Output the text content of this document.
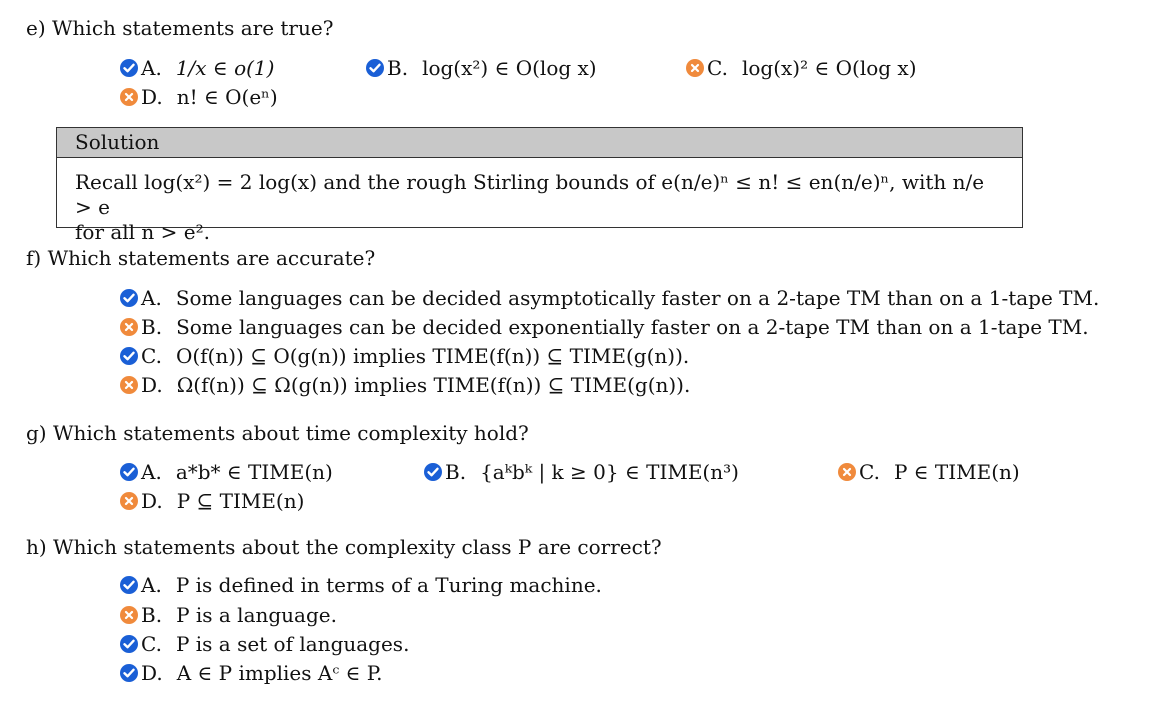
e) Which statements are true?
A. 1/x ∈ o(1)	B. log(x²) ∈ O(log x)	C. log(x)² ∈ O(log x)
D. n! ∈ O(eⁿ)
Solution
Recall log(x²) = 2 log(x) and the rough Stirling bounds of e(n/e)ⁿ ≤ n! ≤ en(n/e)ⁿ, with n/e > e
for all n > e².
f) Which statements are accurate?
A. Some languages can be decided asymptotically faster on a 2-tape TM than on a 1-tape TM.
B. Some languages can be decided exponentially faster on a 2-tape TM than on a 1-tape TM.
C. O(f(n)) ⊆ O(g(n)) implies TIME(f(n)) ⊆ TIME(g(n)).
D. Ω(f(n)) ⊆ Ω(g(n)) implies TIME(f(n)) ⊆ TIME(g(n)).
g) Which statements about time complexity hold?
A. a*b* ∈ TIME(n)	B. {aᵏbᵏ | k ≥ 0} ∈ TIME(n³)	C. P ∈ TIME(n)
D. P ⊆ TIME(n)
h) Which statements about the complexity class P are correct?
A. P is defined in terms of a Turing machine.
B. P is a language.
C. P is a set of languages.
D. A ∈ P implies Aᶜ ∈ P.
